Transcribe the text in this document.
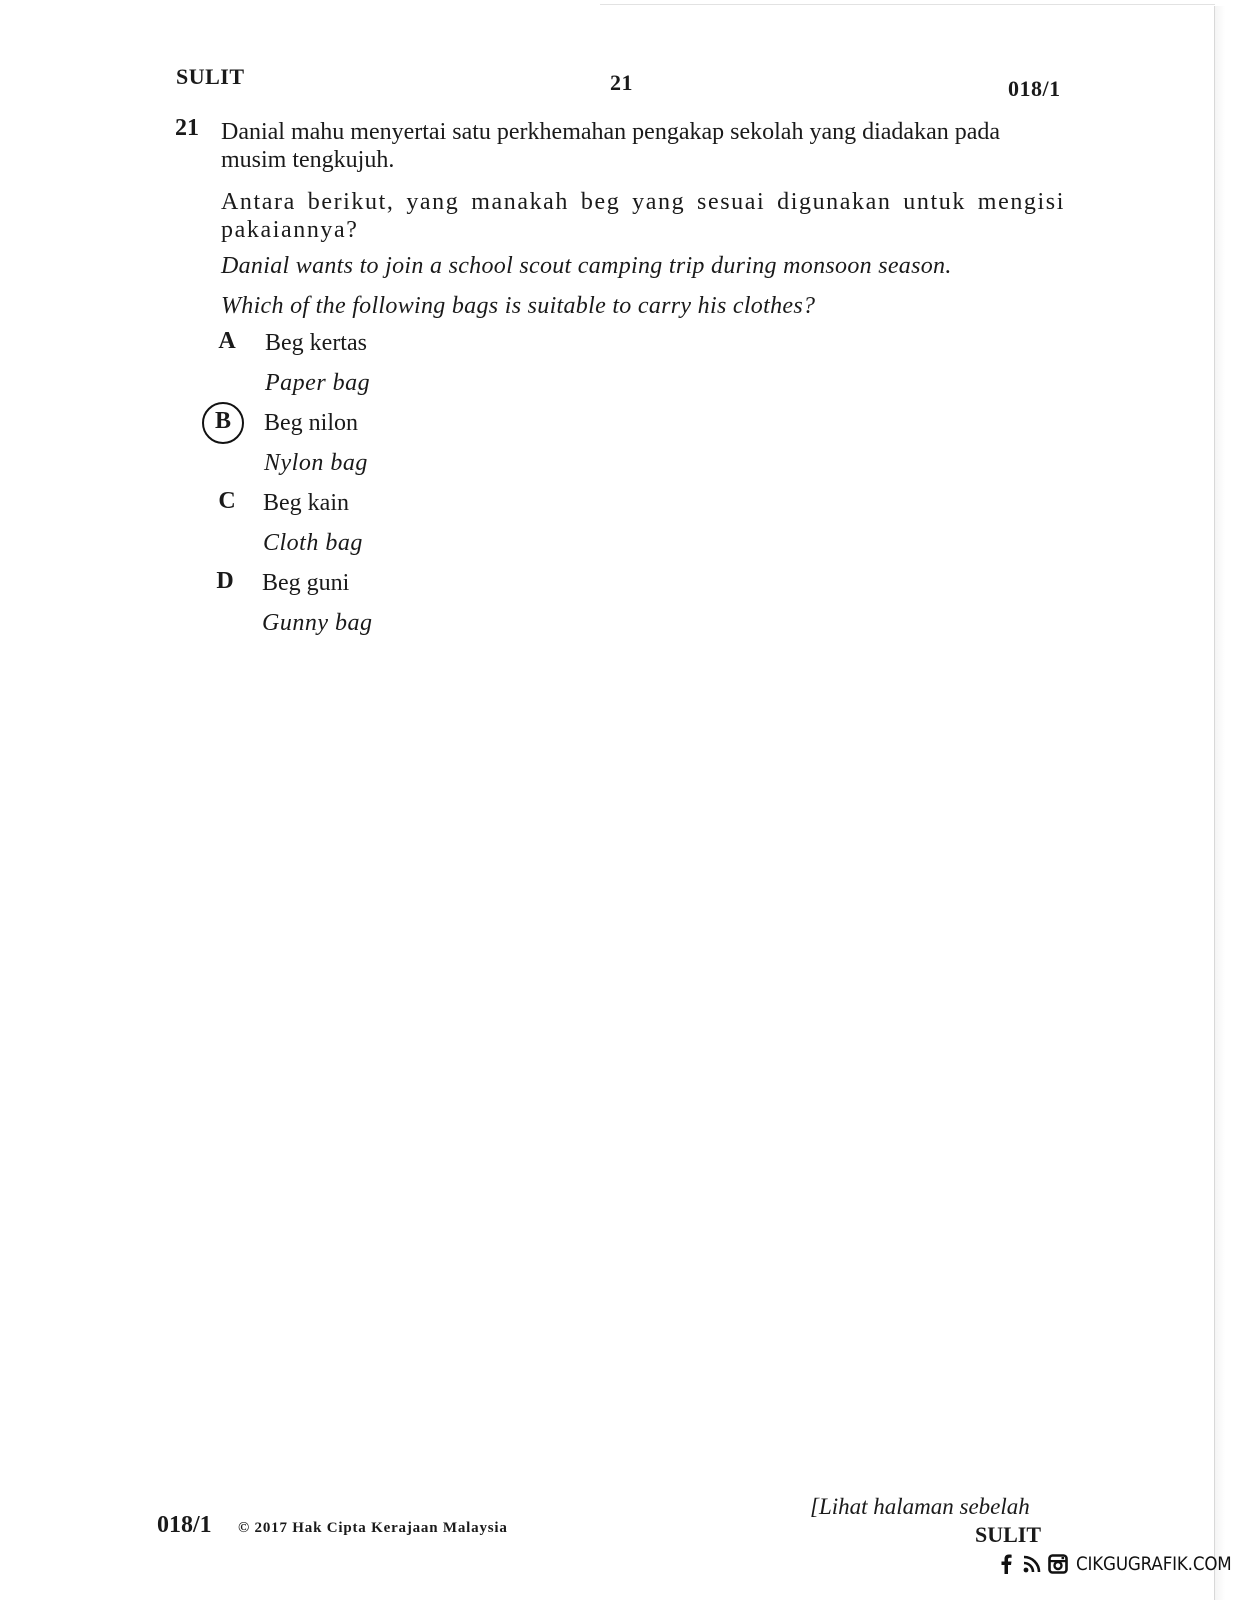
SULIT	21	018/1
21 Danial mahu menyertai satu perkhemahan pengakap sekolah yang diadakan pada musim tengkujuh.
Antara berikut, yang manakah beg yang sesuai digunakan untuk mengisi pakaiannya?
Danial wants to join a school scout camping trip during monsoon season.
Which of the following bags is suitable to carry his clothes?
A Beg kertas
Paper bag
B Beg nilon
Nylon bag
C Beg kain
Cloth bag
D Beg guni
Gunny bag
018/1 © 2017 Hak Cipta Kerajaan Malaysia
[Lihat halaman sebelah
SULIT
CIKGUGRAFIK.COM
